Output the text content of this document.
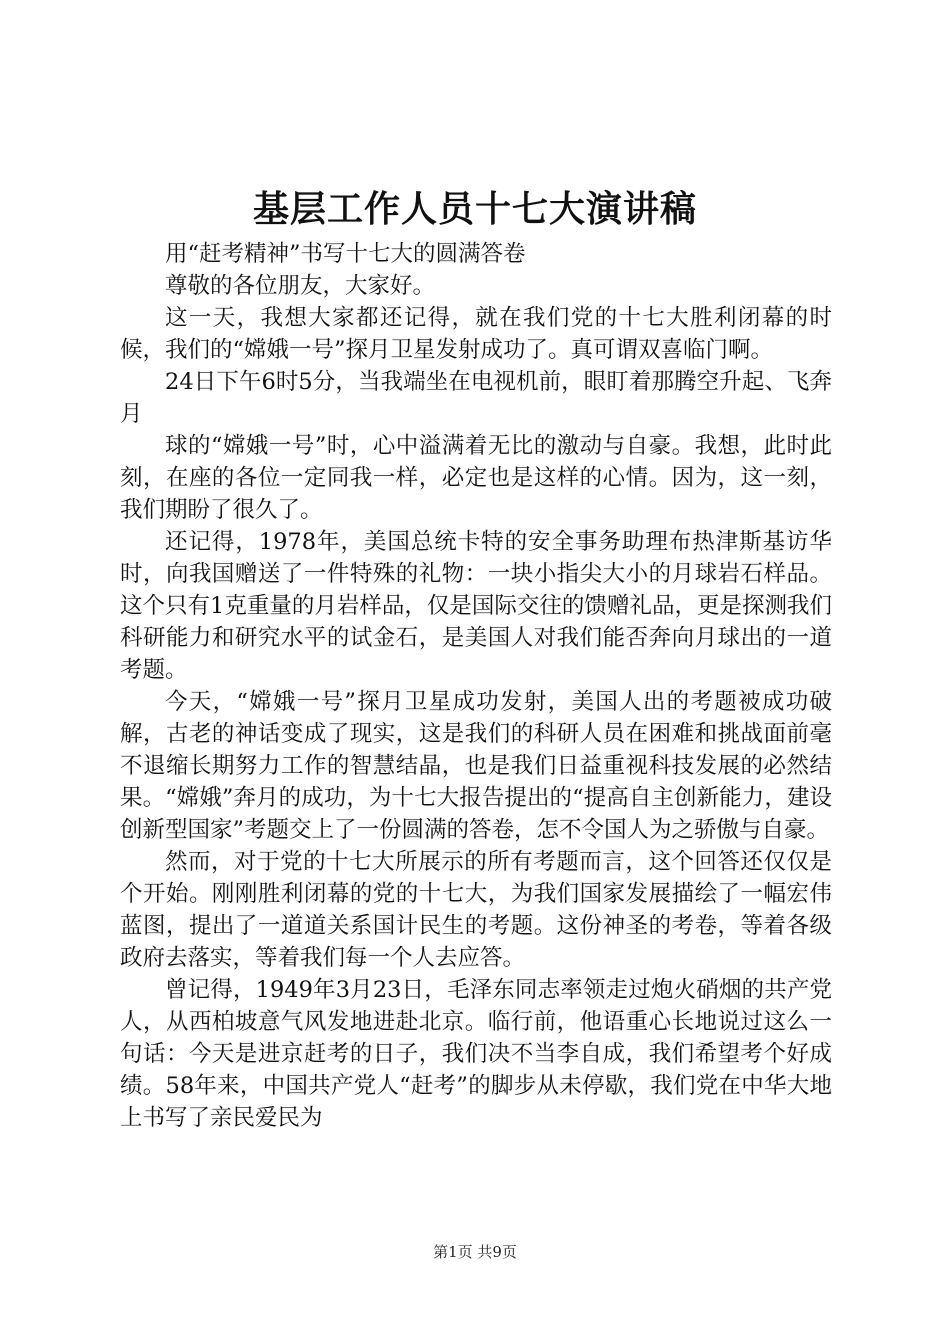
基层工作人员十七大演讲稿

用“赶考精神”书写十七大的圆满答卷

尊敬的各位朋友，大家好。

这一天，我想大家都还记得，就在我们党的十七大胜利闭幕的时候，我们的“嫦娥一号”探月卫星发射成功了。真可谓双喜临门啊。

24日下午6时5分，当我端坐在电视机前，眼盯着那腾空升起、飞奔月

球的“嫦娥一号”时，心中溢满着无比的激动与自豪。我想，此时此刻，在座的各位一定同我一样，必定也是这样的心情。因为，这一刻，我们期盼了很久了。

还记得，1978年，美国总统卡特的安全事务助理布热津斯基访华时，向我国赠送了一件特殊的礼物：一块小指尖大小的月球岩石样品。这个只有1克重量的月岩样品，仅是国际交往的馈赠礼品，更是探测我们科研能力和研究水平的试金石，是美国人对我们能否奔向月球出的一道考题。

今天，“嫦娥一号”探月卫星成功发射，美国人出的考题被成功破解，古老的神话变成了现实，这是我们的科研人员在困难和挑战面前毫不退缩长期努力工作的智慧结晶，也是我们日益重视科技发展的必然结果。“嫦娥”奔月的成功，为十七大报告提出的“提高自主创新能力，建设创新型国家”考题交上了一份圆满的答卷，怎不令国人为之骄傲与自豪。

然而，对于党的十七大所展示的所有考题而言，这个回答还仅仅是个开始。刚刚胜利闭幕的党的十七大，为我们国家发展描绘了一幅宏伟蓝图，提出了一道道关系国计民生的考题。这份神圣的考卷，等着各级政府去落实，等着我们每一个人去应答。

曾记得，1949年3月23日，毛泽东同志率领走过炮火硝烟的共产党人，从西柏坡意气风发地进赴北京。临行前，他语重心长地说过这么一句话：今天是进京赶考的日子，我们决不当李自成，我们希望考个好成绩。58年来，中国共产党人“赶考”的脚步从未停歇，我们党在中华大地上书写了亲民爱民为

第1页 共9页
